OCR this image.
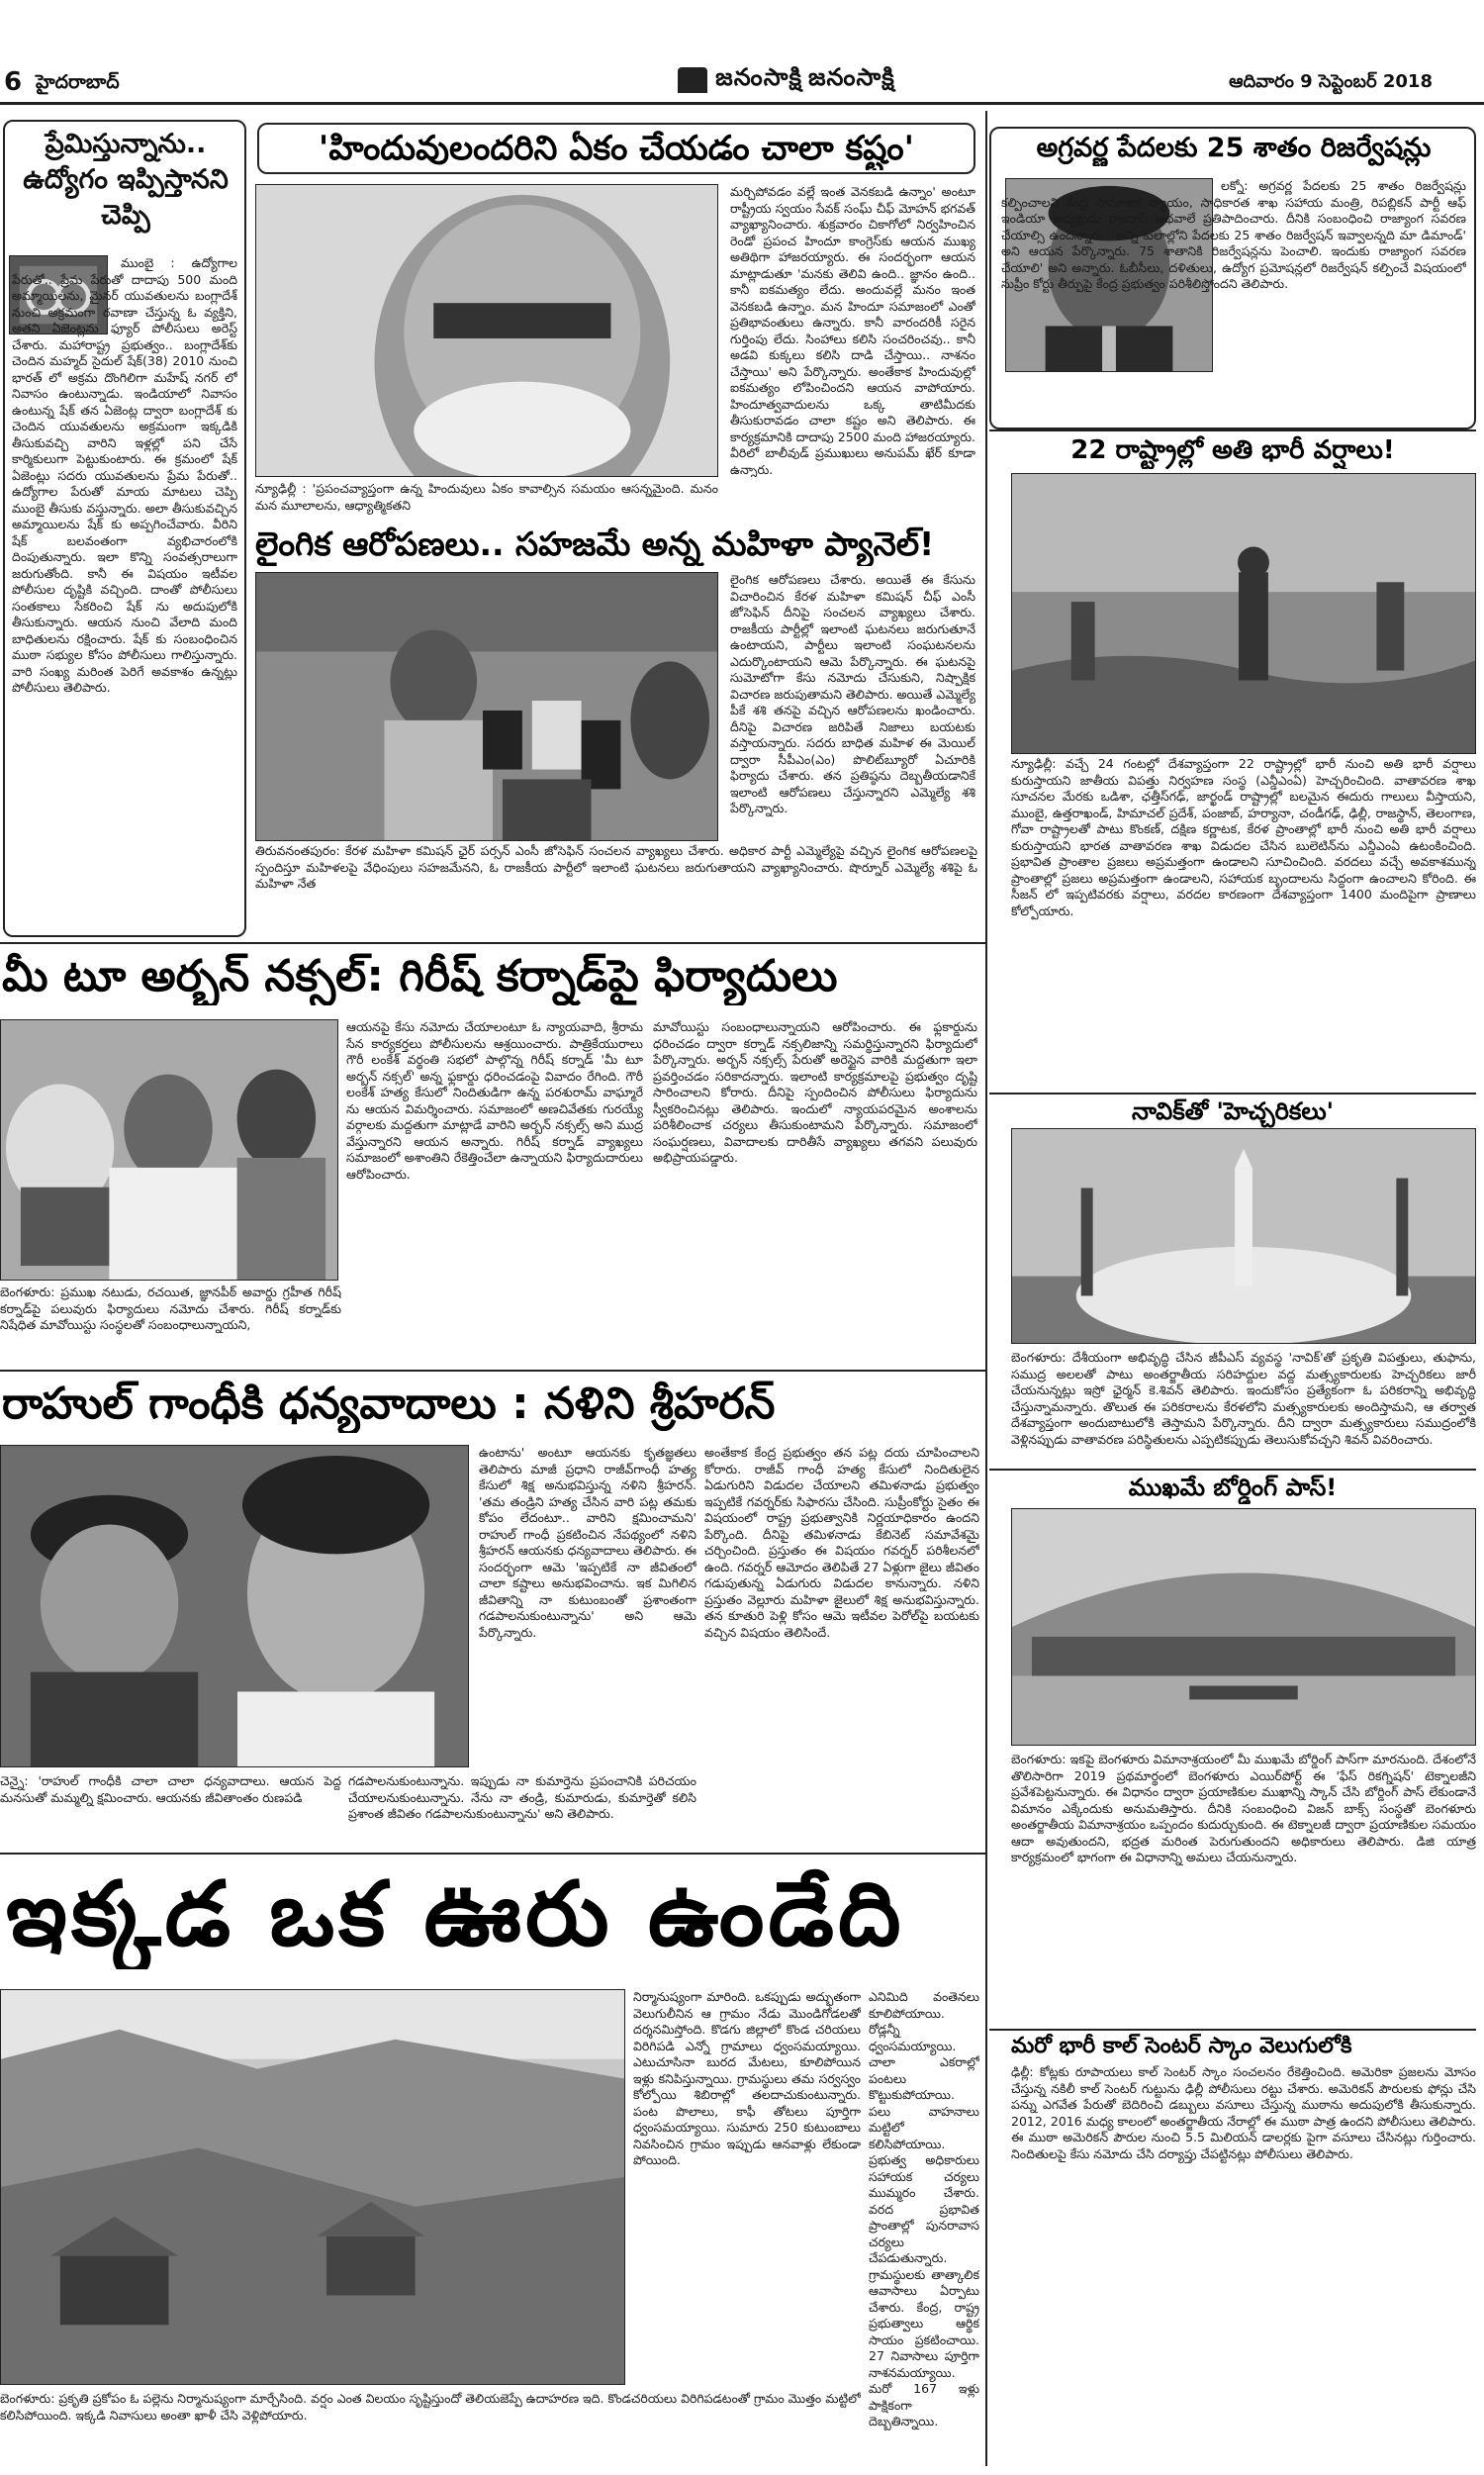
6 హైదరాబాద్	జనంసాక్షి జనంసాక్షి	ఆదివారం 9 సెప్టెంబర్ 2018
ప్రేమిస్తున్నాను.. ఉద్యోగం ఇప్పిస్తానని చెప్పి
ముంబై : ఉద్యోగాల పేరుతో.. ప్రేమ పేరుతో దాదాపు 500 మంది అమ్మాయిలను, మైనర్ యువతులను బంగ్లాదేశ్ నుంచి అక్రమంగా రవాణా చేస్తున్న ఓ వ్యక్తిని, అతని ఏజెంట్లను ఫ్యూర్ పోలీసులు అరెస్ట్ చేశారు. మహారాష్ట్ర ప్రభుత్వం.. బంగ్లాదేశ్‌కు చెందిన మహ్మద్ సైదుల్ షేక్(38) 2010 నుంచి భారత్ లో అక్రమ దొంగిలిగా మహేష్ నగర్ లో నివాసం ఉంటున్నాడు. ఇండియాలో నివాసం ఉంటున్న షేక్ తన ఏజెంట్ల ద్వారా బంగ్లాదేశ్ కు చెందిన యువతులను అక్రమంగా ఇక్కడికి తీసుకువచ్చి వారిని ఇళ్లల్లో పని చేసే కార్మికులుగా పెట్టుకుంటారు. ఈ క్రమంలో షేక్ ఏజెంట్లు సదరు యువతులను ప్రేమ పేరుతో.. ఉద్యోగాల పేరుతో మాయ మాటలు చెప్పి ముంబై తీసుకు వస్తున్నారు. అలా తీసుకువచ్చిన అమ్మాయిలను షేక్ కు అప్పగించేవారు. వీరిని షేక్ బలవంతంగా వ్యభిచారంలోకి దింపుతున్నారు. ఇలా కొన్ని సంవత్సరాలుగా జరుగుతోంది. కానీ ఈ విషయం ఇటీవల పోలీసుల దృష్టికి వచ్చింది. దాంతో పోలీసులు సంతకాలు సేకరించి షేక్ ను అదుపులోకి తీసుకున్నారు. ఆయన నుంచి వేలాది మంది బాధితులను రక్షించారు. షేక్ కు సంబంధించిన ముఠా సభ్యుల కోసం పోలీసులు గాలిస్తున్నారు. వారి సంఖ్య మరింత పెరిగే అవకాశం ఉన్నట్లు పోలీసులు తెలిపారు.
'హిందువులందరిని ఏకం చేయడం చాలా కష్టం'
మర్చిపోవడం వల్లే ఇంత వెనకబడి ఉన్నాం' అంటూ రాష్ట్రీయ స్వయం సేవక్ సంఘ్ చీఫ్ మోహన్ భగవత్ వ్యాఖ్యానించారు. శుక్రవారం చికాగోలో నిర్వహించిన రెండో ప్రపంచ హిందూ కాంగ్రెస్‌కు ఆయన ముఖ్య అతిథిగా హాజరయ్యారు. ఈ సందర్భంగా ఆయన మాట్లాడుతూ 'మనకు తెలివి ఉంది.. జ్ఞానం ఉంది.. కానీ ఐకమత్యం లేదు. అందువల్లే మనం ఇంత వెనకబడి ఉన్నాం. మన హిందూ సమాజంలో ఎంతో ప్రతిభావంతులు ఉన్నారు. కానీ వారందరికీ సరైన గుర్తింపు లేదు. సింహాలు కలిసి సంచరించవు.. కానీ అడవి కుక్కలు కలిసి దాడి చేస్తాయి.. నాశనం చేస్తాయి' అని పేర్కొన్నారు. అంతేకాక హిందువుల్లో ఐకమత్యం లోపించిందని ఆయన వాపోయారు. హిందూత్వవాదులను ఒక్క తాటిమీదకు తీసుకురావడం చాలా కష్టం అని తెలిపారు. ఈ కార్యక్రమానికి దాదాపు 2500 మంది హాజరయ్యారు. వీరిలో బాలీవుడ్ ప్రముఖులు అనుపమ్ ఖేర్ కూడా ఉన్నారు.
న్యూఢిల్లీ : 'ప్రపంచవ్యాప్తంగా ఉన్న హిందువులు ఏకం కావాల్సిన సమయం ఆసన్నమైంది. మనం మన మూలాలను, ఆధ్యాత్మికతని
లైంగిక ఆరోపణలు.. సహజమే అన్న మహిళా ప్యానెల్!
లైంగిక ఆరోపణలు చేశారు. అయితే ఈ కేసును విచారించిన కేరళ మహిళా కమిషన్ చీఫ్ ఎంసీ జోసెఫిన్ దీనిపై సంచలన వ్యాఖ్యలు చేశారు. రాజకీయ పార్టీల్లో ఇలాంటి ఘటనలు జరుగుతూనే ఉంటాయని, పార్టీలు ఇలాంటి సంఘటనలను ఎదుర్కొంటాయని ఆమె పేర్కొన్నారు. ఈ ఘటనపై సుమోటోగా కేసు నమోదు చేసుకుని, నిష్పాక్షిక విచారణ జరుపుతామని తెలిపారు. అయితే ఎమ్మెల్యే పీకే శశి తనపై వచ్చిన ఆరోపణలను ఖండించారు. దీనిపై విచారణ జరిపితే నిజాలు బయటకు వస్తాయన్నారు. సదరు బాధిత మహిళ ఈ మెయిల్ ద్వారా సీపీఎం(ఎం) పొలిట్‌బ్యూరో ఏచూరికి ఫిర్యాదు చేశారు. తన ప్రతిష్ఠను దెబ్బతీయడానికే ఇలాంటి ఆరోపణలు చేస్తున్నారని ఎమ్మెల్యే శశి పేర్కొన్నారు.
తిరువనంతపురం: కేరళ మహిళా కమిషన్ ఛైర్ పర్సన్ ఎంసీ జోసెఫిన్ సంచలన వ్యాఖ్యలు చేశారు. అధికార పార్టీ ఎమ్మెల్యేపై వచ్చిన లైంగిక ఆరోపణలపై స్పందిస్తూ మహిళలపై వేధింపులు సహజమేనని, ఓ రాజకీయ పార్టీలో ఇలాంటి ఘటనలు జరుగుతాయని వ్యాఖ్యానించారు. షొర్నూర్ ఎమ్మెల్యే శశిపై ఓ మహిళా నేత
మీ టూ అర్బన్ నక్సల్: గిరీష్ కర్నాడ్‌పై ఫిర్యాదులు
ఆయనపై కేసు నమోదు చేయాలంటూ ఓ న్యాయవాది, శ్రీరామ సేన కార్యకర్తలు పోలీసులను ఆశ్రయించారు. పాత్రికేయురాలు గౌరీ లంకేశ్ వర్థంతి సభలో పాల్గొన్న గిరీష్ కర్నాడ్ 'మీ టూ అర్బన్ నక్సల్' అన్న ఫ్లకార్డు ధరించడంపై వివాదం రేగింది. గౌరీ లంకేశ్ హత్య కేసులో నిందితుడిగా ఉన్న పరశురామ్ వాఘ్మారే ను ఆయన విమర్శించారు. సమాజంలో అణచివేతకు గురయ్యే వర్గాలకు మద్దతుగా మాట్లాడే వారిని అర్బన్ నక్సల్స్ అని ముద్ర వేస్తున్నారని ఆయన అన్నారు. గిరీష్ కర్నాడ్ వ్యాఖ్యలు సమాజంలో అశాంతిని రేకెత్తించేలా ఉన్నాయని ఫిర్యాదుదారులు ఆరోపించారు.
మావోయిస్టు సంబంధాలున్నాయని ఆరోపించారు. ఈ ఫ్లకార్డును ధరించడం ద్వారా కర్నాడ్ నక్సలిజాన్ని సమర్థిస్తున్నారని ఫిర్యాదులో పేర్కొన్నారు. అర్బన్ నక్సల్స్ పేరుతో అరెస్టైన వారికి మద్దతుగా ఇలా ప్రవర్తించడం సరికాదన్నారు. ఇలాంటి కార్యక్రమాలపై ప్రభుత్వం దృష్టి సారించాలని కోరారు. దీనిపై స్పందించిన పోలీసులు ఫిర్యాదును స్వీకరించినట్లు తెలిపారు. ఇందులో న్యాయపరమైన అంశాలను పరిశీలించాక చర్యలు తీసుకుంటామని పేర్కొన్నారు. సమాజంలో సంఘర్షణలు, వివాదాలకు దారితీసే వ్యాఖ్యలు తగవని పలువురు అభిప్రాయపడ్డారు.
బెంగళూరు: ప్రముఖ నటుడు, రచయిత, జ్ఞానపీఠ్ అవార్డు గ్రహీత గిరీష్ కర్నాడ్‌పై పలువురు ఫిర్యాదులు నమోదు చేశారు. గిరీష్ కర్నాడ్‌కు నిషేధిత మావోయిస్టు సంస్థలతో సంబంధాలున్నాయని,
రాహుల్ గాంధీకి ధన్యవాదాలు : నళిని శ్రీహరన్
ఉంటాను' అంటూ ఆయనకు కృతజ్ఞతలు తెలిపారు మాజీ ప్రధాని రాజీవ్‌గాంధీ హత్య కేసులో శిక్ష అనుభవిస్తున్న నళిని శ్రీహరన్. 'తమ తండ్రిని హత్య చేసిన వారి పట్ల తమకు కోపం లేదంటూ.. వారిని క్షమించామని' రాహుల్ గాంధీ ప్రకటించిన నేపథ్యంలో నళిని శ్రీహరన్ ఆయనకు ధన్యవాదాలు తెలిపారు. ఈ సందర్భంగా ఆమె 'ఇప్పటికే నా జీవితంలో చాలా కష్టాలు అనుభవించాను. ఇక మిగిలిన జీవితాన్ని నా కుటుంబంతో ప్రశాంతంగా గడపాలనుకుంటున్నాను' అని ఆమె పేర్కొన్నారు.
అంతేకాక కేంద్ర ప్రభుత్వం తన పట్ల దయ చూపించాలని కోరారు. రాజీవ్ గాంధీ హత్య కేసులో నిందితులైన ఏడుగురిని విడుదల చేయాలని తమిళనాడు ప్రభుత్వం ఇప్పటికే గవర్నర్‌కు సిఫారసు చేసింది. సుప్రీంకోర్టు సైతం ఈ విషయంలో రాష్ట్ర ప్రభుత్వానికి నిర్ణయాధికారం ఉందని పేర్కొంది. దీనిపై తమిళనాడు కేబినెట్ సమావేశమై చర్చించింది. ప్రస్తుతం ఈ విషయం గవర్నర్ పరిశీలనలో ఉంది. గవర్నర్ ఆమోదం తెలిపితే 27 ఏళ్లుగా జైలు జీవితం గడుపుతున్న ఏడుగురు విడుదల కానున్నారు. నళిని ప్రస్తుతం వెల్లూరు మహిళా జైలులో శిక్ష అనుభవిస్తున్నారు. తన కూతురి పెళ్లి కోసం ఆమె ఇటీవల పెరోల్‌పై బయటకు వచ్చిన విషయం తెలిసిందే.
చెన్నై: 'రాహుల్ గాంధీకి చాలా చాలా ధన్యవాదాలు. ఆయన పెద్ద మనసుతో మమ్మల్ని క్షమించారు. ఆయనకు జీవితాంతం రుణపడి
గడపాలనుకుంటున్నాను. ఇప్పుడు నా కుమార్తెను ప్రపంచానికి పరిచయం చేయాలనుకుంటున్నాను. నేను నా తండ్రి, కుమారుడు, కుమార్తెతో కలిసి ప్రశాంత జీవితం గడపాలనుకుంటున్నాను' అని తెలిపారు.
ఇక్కడ ఒక ఊరు ఉండేది
నిర్మానుష్యంగా మారింది. ఒకప్పుడు అద్భుతంగా వెలుగులీనిన ఆ గ్రామం నేడు మొండిగోడలతో దర్శనమిస్తోంది. కొడగు జిల్లాలో కొండ చరియలు విరిగిపడి ఎన్నో గ్రామాలు ధ్వంసమయ్యాయి. ఎటుచూసినా బురద మేటలు, కూలిపోయిన ఇళ్లు కనిపిస్తున్నాయి. గ్రామస్థులు తమ సర్వస్వం కోల్పోయి శిబిరాల్లో తలదాచుకుంటున్నారు. పంట పొలాలు, కాఫీ తోటలు పూర్తిగా ధ్వంసమయ్యాయి. సుమారు 250 కుటుంబాలు నివసించిన గ్రామం ఇప్పుడు ఆనవాళ్లు లేకుండా పోయింది.
ఎనిమిది వంతెనలు కూలిపోయాయి. రోడ్లన్నీ ధ్వంసమయ్యాయి. చాలా ఎకరాల్లో పంటలు కొట్టుకుపోయాయి. పలు వాహనాలు మట్టిలో కలిసిపోయాయి. ప్రభుత్వ అధికారులు సహాయక చర్యలు ముమ్మరం చేశారు. వరద ప్రభావిత ప్రాంతాల్లో పునరావాస చర్యలు చేపడుతున్నారు. గ్రామస్థులకు తాత్కాలిక ఆవాసాలు ఏర్పాటు చేశారు. కేంద్ర, రాష్ట్ర ప్రభుత్వాలు ఆర్థిక సాయం ప్రకటించాయి. 27 నివాసాలు పూర్తిగా నాశనమయ్యాయి. మరో 167 ఇళ్లు పాక్షికంగా దెబ్బతిన్నాయి.
బెంగళూరు: ప్రకృతి ప్రకోపం ఓ పల్లెను నిర్మానుష్యంగా మార్చేసింది. వర్షం ఎంత విలయం సృష్టిస్తుందో తెలియజెప్పే ఉదాహరణ ఇది. కొండచరియలు విరిగిపడటంతో గ్రామం మొత్తం మట్టిలో కలిసిపోయింది. ఇక్కడి నివాసులు అంతా ఖాళీ చేసి వెళ్లిపోయారు.
అగ్రవర్ణ పేదలకు 25 శాతం రిజర్వేషన్లు
లక్నో: అగ్రవర్ణ పేదలకు 25 శాతం రిజర్వేషన్లు కల్పించాలని కేంద్ర సామాజిక న్యాయం, సాధికారత శాఖ సహాయ మంత్రి, రిపబ్లికన్ పార్టీ ఆఫ్ ఇండియా అధ్యక్షుడు రాందాస్ అథవాలే ప్రతిపాదించారు. దీనికి సంబంధించి రాజ్యాంగ సవరణ చేయాల్సి ఉందన్నారు. 'అన్ని కులాల్లోని పేదలకు 25 శాతం రిజర్వేషన్ ఇవ్వాలన్నది మా డిమాండ్' అని ఆయన పేర్కొన్నారు. 75 శాతానికి రిజర్వేషన్లను పెంచాలి. ఇందుకు రాజ్యాంగ సవరణ చేయాలి' అని అన్నారు. ఓబీసీలు, దళితులు, ఉద్యోగ ప్రమోషన్లలో రిజర్వేషన్ కల్పించే విషయంలో సుప్రీం కోర్టు తీర్పుపై కేంద్ర ప్రభుత్వం పరిశీలిస్తోందని తెలిపారు.
22 రాష్ట్రాల్లో అతి భారీ వర్షాలు!
న్యూఢిల్లీ: వచ్చే 24 గంటల్లో దేశవ్యాప్తంగా 22 రాష్ట్రాల్లో భారీ నుంచి అతి భారీ వర్షాలు కురుస్తాయని జాతీయ విపత్తు నిర్వహణ సంస్థ (ఎన్డీఎంఏ) హెచ్చరించింది. వాతావరణ శాఖ సూచనల మేరకు ఒడిశా, ఛత్తీస్‌గఢ్, జార్ఖండ్ రాష్ట్రాల్లో బలమైన ఈదురు గాలులు వీస్తాయని, ముంబై, ఉత్తరాఖండ్, హిమాచల్ ప్రదేశ్, పంజాబ్, హర్యానా, చండీగఢ్, ఢిల్లీ, రాజస్థాన్, తెలంగాణ, గోవా రాష్ట్రాలతో పాటు కొంకణ్, దక్షిణ కర్ణాటక, కేరళ ప్రాంతాల్లో భారీ నుంచి అతి భారీ వర్షాలు కురుస్తాయని భారత వాతావరణ శాఖ విడుదల చేసిన బులెటిన్‌ను ఎన్డీఎంఏ ఉటంకించింది. ప్రభావిత ప్రాంతాల ప్రజలు అప్రమత్తంగా ఉండాలని సూచించింది. వరదలు వచ్చే అవకాశమున్న ప్రాంతాల్లో ప్రజలు అప్రమత్తంగా ఉండాలని, సహాయక బృందాలను సిద్ధంగా ఉంచాలని కోరింది. ఈ సీజన్ లో ఇప్పటివరకు వర్షాలు, వరదల కారణంగా దేశవ్యాప్తంగా 1400 మందిపైగా ప్రాణాలు కోల్పోయారు.
నావిక్‌తో 'హెచ్చరికలు'
బెంగళూరు: దేశీయంగా అభివృద్ధి చేసిన జీపీఎస్ వ్యవస్థ 'నావిక్'తో ప్రకృతి విపత్తులు, తుఫాను, సముద్ర అలలతో పాటు అంతర్జాతీయ సరిహద్దుల వద్ద మత్స్యకారులకు హెచ్చరికలు జారీ చేయనున్నట్లు ఇస్రో ఛైర్మన్ కె.శివన్ తెలిపారు. ఇందుకోసం ప్రత్యేకంగా ఓ పరికరాన్ని అభివృద్ధి చేస్తున్నామన్నారు. తొలుత ఈ పరికరాలను కేరళలోని మత్స్యకారులకు అందిస్తామని, ఆ తర్వాత దేశవ్యాప్తంగా అందుబాటులోకి తెస్తామని పేర్కొన్నారు. దీని ద్వారా మత్స్యకారులు సముద్రంలోకి వెళ్లినప్పుడు వాతావరణ పరిస్థితులను ఎప్పటికప్పుడు తెలుసుకోవచ్చని శివన్ వివరించారు.
ముఖమే బోర్డింగ్ పాస్!
బెంగళూరు: ఇకపై బెంగళూరు విమానాశ్రయంలో మీ ముఖమే బోర్డింగ్ పాస్‌గా మారనుంది. దేశంలోనే తొలిసారిగా 2019 ప్రథమార్థంలో బెంగళూరు ఎయిర్‌పోర్ట్ ఈ 'ఫేస్ రికగ్నిషన్' టెక్నాలజీని ప్రవేశపెట్టనున్నారు. ఈ విధానం ద్వారా ప్రయాణికుల ముఖాన్ని స్కాన్ చేసి బోర్డింగ్ పాస్ లేకుండానే విమానం ఎక్కేందుకు అనుమతిస్తారు. దీనికి సంబంధించి విజన్ బాక్స్ సంస్థతో బెంగళూరు అంతర్జాతీయ విమానాశ్రయం ఒప్పందం కుదుర్చుకుంది. ఈ టెక్నాలజీ ద్వారా ప్రయాణికుల సమయం ఆదా అవుతుందని, భద్రత మరింత పెరుగుతుందని అధికారులు తెలిపారు. డిజి యాత్ర కార్యక్రమంలో భాగంగా ఈ విధానాన్ని అమలు చేయనున్నారు.
మరో భారీ కాల్ సెంటర్ స్కాం వెలుగులోకి
ఢిల్లీ: కోట్లకు రూపాయలు కాల్ సెంటర్ స్కాం సంచలనం రేకెత్తించింది. అమెరికా ప్రజలను మోసం చేస్తున్న నకిలీ కాల్ సెంటర్ గుట్టును ఢిల్లీ పోలీసులు రట్టు చేశారు. అమెరికన్ పౌరులకు ఫోన్లు చేసి పన్ను ఎగవేత పేరుతో బెదిరించి డబ్బులు వసూలు చేస్తున్న ముఠాను అదుపులోకి తీసుకున్నారు. 2012, 2016 మధ్య కాలంలో అంతర్జాతీయ నేరాల్లో ఈ ముఠా పాత్ర ఉందని పోలీసులు తెలిపారు. ఈ ముఠా అమెరికన్ పౌరుల నుంచి 5.5 మిలియన్ డాలర్లకు పైగా వసూలు చేసినట్లు గుర్తించారు. నిందితులపై కేసు నమోదు చేసి దర్యాప్తు చేపట్టినట్లు పోలీసులు తెలిపారు.
